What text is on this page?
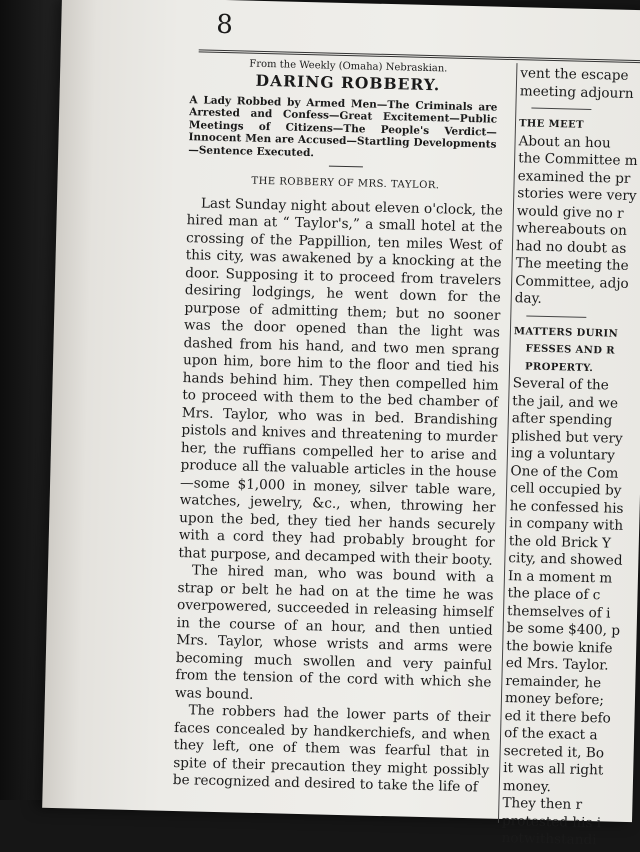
8

From the Weekly (Omaha) Nebraskian.

DARING ROBBERY.

A Lady Robbed by Armed Men—The Criminals are Arrested and Confess—Great Excitement—Public Meetings of Citizens—The People's Verdict—Innocent Men are Accused—Startling Developments—Sentence Executed.

THE ROBBERY OF MRS. TAYLOR.

Last Sunday night about eleven o'clock, the hired man at “ Taylor's,” a small hotel at the crossing of the Pappillion, ten miles West of this city, was awakened by a knocking at the door. Supposing it to proceed from travelers desiring lodgings, he went down for the purpose of admitting them; but no sooner was the door opened than the light was dashed from his hand, and two men sprang upon him, bore him to the floor and tied his hands behind him. They then compelled him to proceed with them to the bed chamber of Mrs. Taylor, who was in bed. Brandishing pistols and knives and threatening to murder her, the ruffians compelled her to arise and produce all the valuable articles in the house—some $1,000 in money, silver table ware, watches, jewelry, &c., when, throwing her upon the bed, they tied her hands securely with a cord they had probably brought for that purpose, and decamped with their booty.

The hired man, who was bound with a strap or belt he had on at the time he was overpowered, succeeded in releasing himself in the course of an hour, and then untied Mrs. Taylor, whose wrists and arms were becoming much swollen and very painful from the tension of the cord with which she was bound.

The robbers had the lower parts of their faces concealed by handkerchiefs, and when they left, one of them was fearful that in spite of their precaution they might possibly be recognized and desired to take the life of

vent the escape
meeting adjourn
THE MEET
About an hou
the Committee m
examined the pr
stories were very
would give no r
whereabouts on
had no doubt as
The meeting the
Committee, adjo
day.
MATTERS DURIN
FESSES AND R
PROPERTY.
Several of the
the jail, and we
after spending
plished but very
ing a voluntary
One of the Com
cell occupied by
he confessed his
in company with
the old Brick Y
city, and showed
In a moment m
the place of c
themselves of i
be some $400, p
the bowie knife
ed Mrs. Taylor.
remainder, he
money before;
ed it there befo
of the exact a
secreted it, Bo
it was all right
money.
They then r
protested his i
notwithstandi
